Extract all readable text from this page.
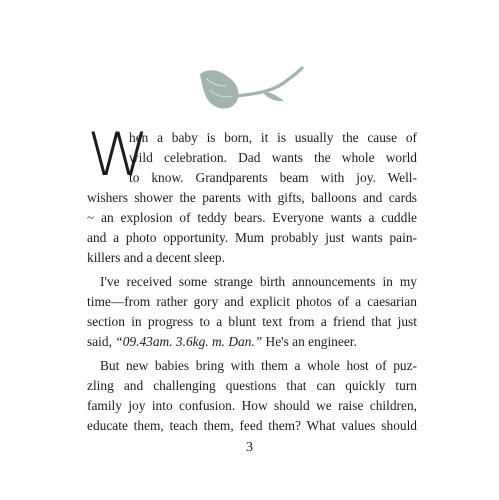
W
hen a baby is born, it is usually the cause of
wild celebration. Dad wants the whole world
to know. Grandparents beam with joy. Well-
wishers shower the parents with gifts, balloons and cards
~ an explosion of teddy bears. Everyone wants a cuddle
and a photo opportunity. Mum probably just wants pain-
killers and a decent sleep.
I've received some strange birth announcements in my
time—from rather gory and explicit photos of a caesarian
section in progress to a blunt text from a friend that just
said, “09.43am. 3.6kg. m. Dan.” He's an engineer.
But new babies bring with them a whole host of puz-
zling and challenging questions that can quickly turn
family joy into confusion. How should we raise children,
educate them, teach them, feed them? What values should
3
